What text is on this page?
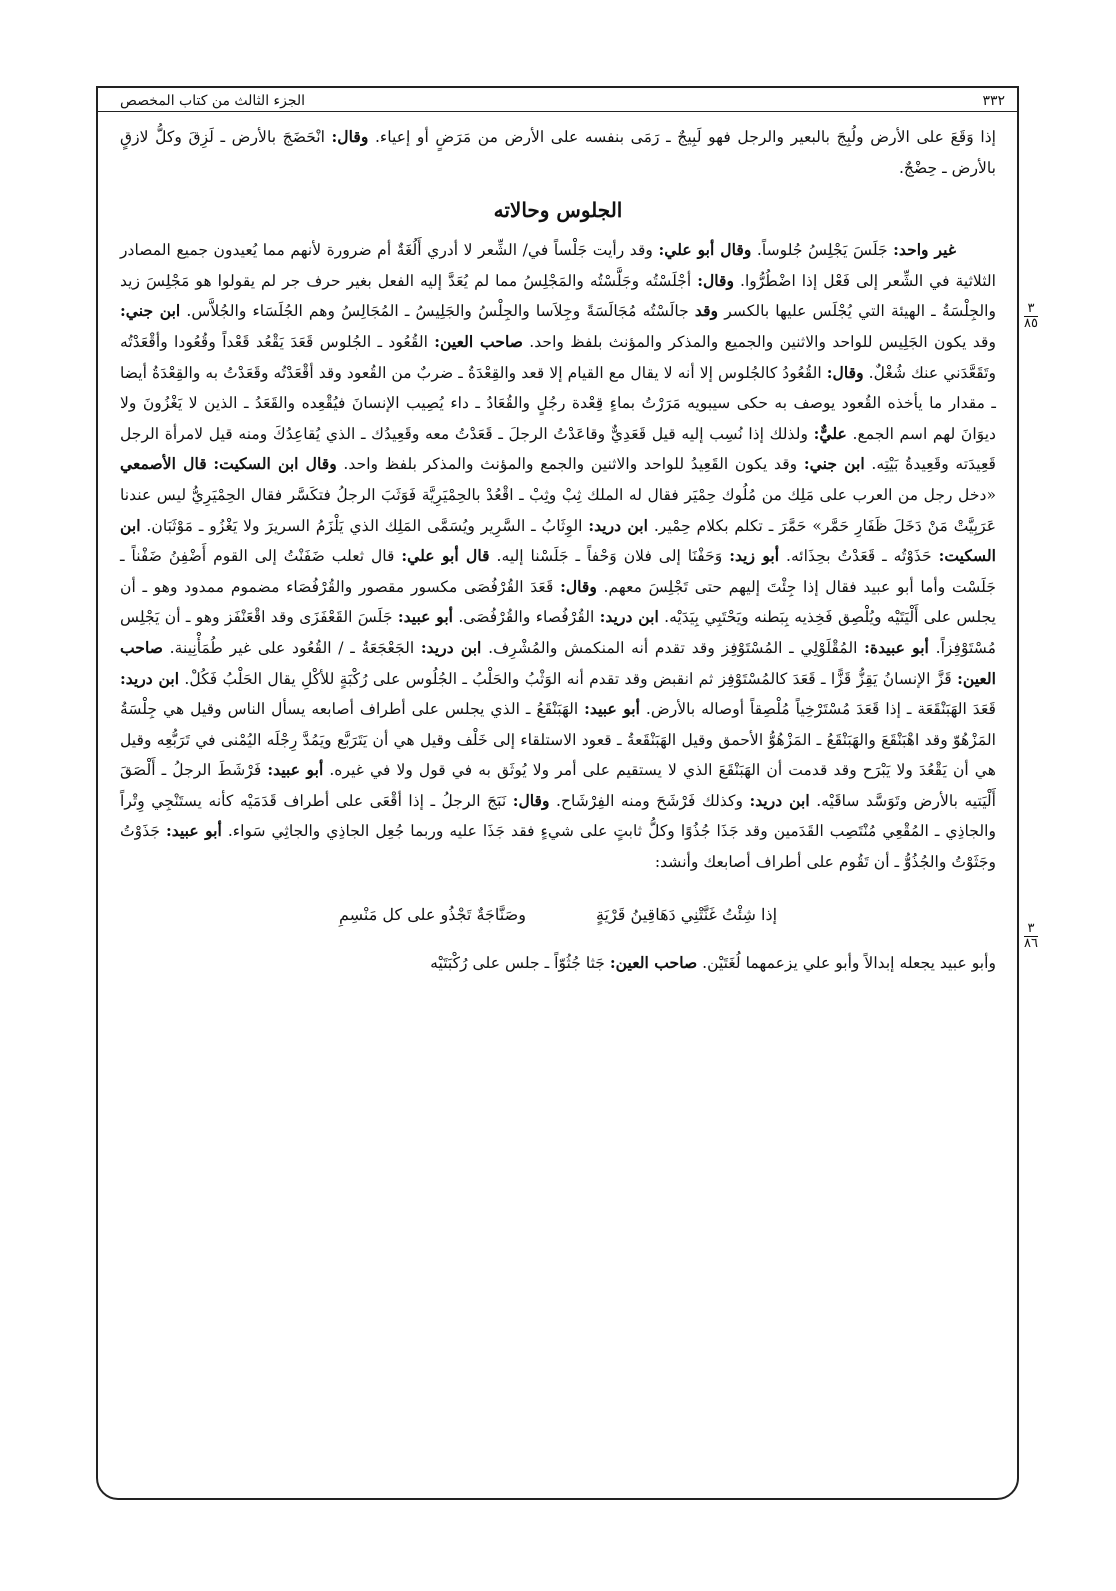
٣٣٢
الجزء الثالث من كتاب المخصص
٣
٨٥
٣
٨٦

إذا وَقَعَ على الأرض ولُبِجَ بالبعير والرجل فهو لَبِيجٌ ـ رَمَى بنفسه على الأرض من مَرَضٍ أو إعياء. وقال: انْحَضَجَ بالأرض ـ لَزِقَ وكلُّ لازقٍ بالأرض ـ حِضْجٌ.

الجلوس وحالاته

غير واحد: جَلَسَ يَجْلِسُ جُلوساً. وقال أبو علي: وقد رأيت جَلْساً في/ الشِّعر لا أدري أَلُغَةٌ أم ضرورة لأنهم مما يُعيدون جميع المصادر الثلاثية في الشِّعر إلى فَعْل إذا اضْطُرُّوا. وقال: أجْلَسْتُه وجَلَّسْتُه والمَجْلِسُ مما لم يُعَدَّ إليه الفعل بغير حرف جر لم يقولوا هو مَجْلِسَ زيد والجِلْسَةُ ـ الهيئة التي يُجْلَس عليها بالكسر وقد جالَسْتُه مُجَالَسَةً وجِلاَسا والجِلْسُ والجَلِيسُ ـ المُجَالِسُ وهم الجُلَسَاء والجُلاَّس. ابن جني: وقد يكون الجَلِيس للواحد والاثنين والجميع والمذكر والمؤنث بلفظ واحد. صاحب العين: القُعُود ـ الجُلوس قَعَدَ يَقْعُد قَعْداً وقُعُودا وأقْعَدْتُه وتَقَعَّدَني عنك شُغْلٌ. وقال: القُعُودُ كالجُلوس إلا أنه لا يقال مع القيام إلا قعد والقِعْدَةُ ـ ضربٌ من القُعود وقد أقْعَدْتُه وقَعَدْتُ به والقِعْدَةُ أيضا ـ مقدار ما يأخذه القُعود يوصف به حكى سيبويه مَرَرْتُ بماءٍ قِعْدة رجُلٍ والقُعَادُ ـ داء يُصِيب الإنسانَ فيُقْعِده والقَعَدُ ـ الذين لا يَغْزُونَ ولا ديوَانَ لهم اسم الجمع. عليٌّ: ولذلك إذا نُسِب إليه قيل قَعَدِيٌّ وقاعَدْتُ الرجلَ ـ قَعَدْتُ معه وقَعِيدُك ـ الذي يُقاعِدُكَ ومنه قيل لامرأة الرجل قَعِيدَته وقَعِيدةُ بَيْتِه. ابن جني: وقد يكون القَعِيدُ للواحد والاثنين والجمع والمؤنث والمذكر بلفظ واحد. وقال ابن السكيت: قال الأصمعي «دخل رجل من العرب على مَلِك من مُلُوك حِمْيَر فقال له الملك ثِبْ وثِبْ ـ اقْعُدْ بالحِمْيَرِيَّة فَوَثَبَ الرجلُ فتكَسَّر فقال الحِمْيَرِيُّ ليس عندنا عَرَبِيَّتْ مَنْ دَخَلَ ظَفَارِ حَمَّر» حَمَّرَ ـ تكلم بكلام حِمْير. ابن دريد: الوِثَابُ ـ السَّرِير ويُسَمَّى المَلِك الذي يَلْزَمُ السريرَ ولا يَغْزُو ـ مَوْثَبَان. ابن السكيت: حَذَوْتُه ـ قَعَدْتُ بحِذَائه. أبو زيد: وَحَفْنَا إلى فلان وَحْفاً ـ جَلَسْنا إليه. قال أبو علي: قال ثعلب ضَفَنْتُ إلى القوم أَضْفِنُ ضَفْناً ـ جَلَسْت وأما أبو عبيد فقال إذا جِئْتَ إليهم حتى تَجْلِسَ معهم. وقال: قَعَدَ القُرْفُصَى مكسور مقصور والقُرْفُصَاء مضموم ممدود وهو ـ أن يجلس على أَلْيَتَيْه ويُلْصِق فَخِذيه بِبَطنه ويَحْتَبِي بِيَدَيْه. ابن دريد: القُرْفُصاء والقُرْفُصَى. أبو عبيد: جَلَسَ القَعْفَزَى وقد اقْعَنْفَز وهو ـ أن يَجْلِس مُسْتَوْفِزاً. أبو عبيدة: المُقْلَوْلِي ـ المُسْتَوْفِز وقد تقدم أنه المنكمش والمُشْرِف. ابن دريد: الجَعْجَعَةُ ـ / القُعُود على غير طُمَأْنِينة. صاحب العين: قَزَّ الإنسانُ يَقِزُّ قَزًّا ـ قَعَدَ كالمُسْتَوْفِز ثم انقبض وقد تقدم أنه الوَثْبُ والحَلْبُ ـ الجُلُوس على رُكْبَةٍ للأكْلِ يقال الحَلْبُ فَكُلْ. ابن دريد: قَعَدَ الهَبَنْقَعَة ـ إذا قَعَدَ مُسْتَرْخِياً مُلْصِقاً أوصاله بالأرض. أبو عبيد: الهَبَنْقَعُ ـ الذي يجلس على أطراف أصابعه يسأل الناس وقيل هي جِلْسَةُ المَزْهُوّ وقد اهْبَنْقَعَ والهَبَنْقَعُ ـ المَزْهُوُّ الأحمق وقيل الهَبَنْقَعةُ ـ قعود الاستلقاء إلى خَلْف وقيل هي أن يَتَرَبَّع ويَمُدَّ رِجْلَه اليُمْنى في تَرَبُّعِه وقيل هي أن يَقْعُدَ ولا يَبْرَح وقد قدمت أن الهَبَنْقَعَ الذي لا يستقيم على أمر ولا يُوثَق به في قول ولا في غيره. أبو عبيد: فَرْشَطَ الرجلُ ـ أَلْصَقَ أَلْيَتيه بالأرض وتَوَسَّد ساقَيْه. ابن دريد: وكذلك فَرْشَحَ ومنه الفِرْشَاح. وقال: نَبَجَ الرجلُ ـ إذا أقْعَى على أطراف قَدَمَيْه كأنه يستَنْجِي وِتْراً والجاذِي ـ المُقْعِي مُنْتَصِب القَدَمين وقد جَذَا جُذُوًا وكلُّ ثابتٍ على شيءٍ فقد جَذَا عليه وربما جُعِل الجاذِي والجاثِي سَواء. أبو عبيد: جَذَوْتُ وجَثَوْتُ والجُذُوُّ ـ أن تَقُوم على أطراف أصابعك وأنشد:

إذا شِئْتُ غَنَّتْنِي دَهَاقِينُ قَرْيَةٍ
وصَنَّاجَةٌ تَجْذُو على كل مَنْسِمِ

وأبو عبيد يجعله إبدالاً وأبو علي يزعمهما لُغَتَيْن. صاحب العين: جَثا جُثُوّاً ـ جلس على رُكْبَتَيْه
